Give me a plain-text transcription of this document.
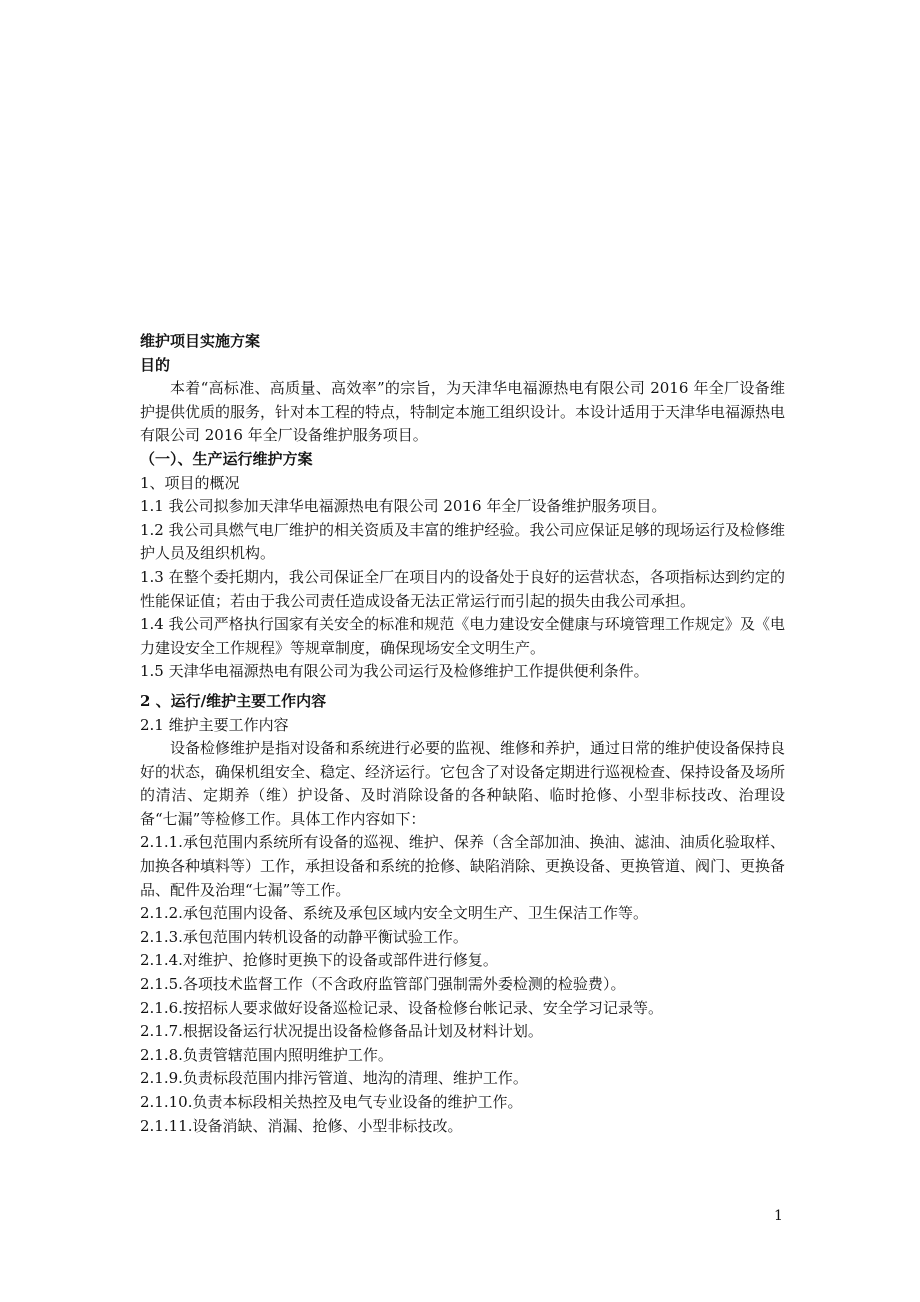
维护项目实施方案

目的

本着“高标准、高质量、高效率”的宗旨，为天津华电福源热电有限公司 2016 年全厂设备维护提供优质的服务，针对本工程的特点，特制定本施工组织设计。本设计适用于天津华电福源热电有限公司 2016 年全厂设备维护服务项目。

（一）、生产运行维护方案

1、项目的概况

1.1 我公司拟参加天津华电福源热电有限公司 2016 年全厂设备维护服务项目。

1.2 我公司具燃气电厂维护的相关资质及丰富的维护经验。我公司应保证足够的现场运行及检修维护人员及组织机构。

1.3 在整个委托期内，我公司保证全厂在项目内的设备处于良好的运营状态，各项指标达到约定的性能保证值；若由于我公司责任造成设备无法正常运行而引起的损失由我公司承担。

1.4 我公司严格执行国家有关安全的标准和规范《电力建设安全健康与环境管理工作规定》及《电力建设安全工作规程》等规章制度，确保现场安全文明生产。

1.5 天津华电福源热电有限公司为我公司运行及检修维护工作提供便利条件。

2 、运行/维护主要工作内容

2.1 维护主要工作内容

设备检修维护是指对设备和系统进行必要的监视、维修和养护，通过日常的维护使设备保持良好的状态，确保机组安全、稳定、经济运行。它包含了对设备定期进行巡视检查、保持设备及场所的清洁、定期养（维）护设备、及时消除设备的各种缺陷、临时抢修、小型非标技改、治理设备“七漏”等检修工作。具体工作内容如下：

2.1.1.承包范围内系统所有设备的巡视、维护、保养（含全部加油、换油、滤油、油质化验取样、加换各种填料等）工作，承担设备和系统的抢修、缺陷消除、更换设备、更换管道、阀门、更换备品、配件及治理“七漏”等工作。

2.1.2.承包范围内设备、系统及承包区域内安全文明生产、卫生保洁工作等。

2.1.3.承包范围内转机设备的动静平衡试验工作。

2.1.4.对维护、抢修时更换下的设备或部件进行修复。

2.1.5.各项技术监督工作（不含政府监管部门强制需外委检测的检验费）。

2.1.6.按招标人要求做好设备巡检记录、设备检修台帐记录、安全学习记录等。

2.1.7.根据设备运行状况提出设备检修备品计划及材料计划。

2.1.8.负责管辖范围内照明维护工作。

2.1.9.负责标段范围内排污管道、地沟的清理、维护工作。

2.1.10.负责本标段相关热控及电气专业设备的维护工作。

2.1.11.设备消缺、消漏、抢修、小型非标技改。

1
